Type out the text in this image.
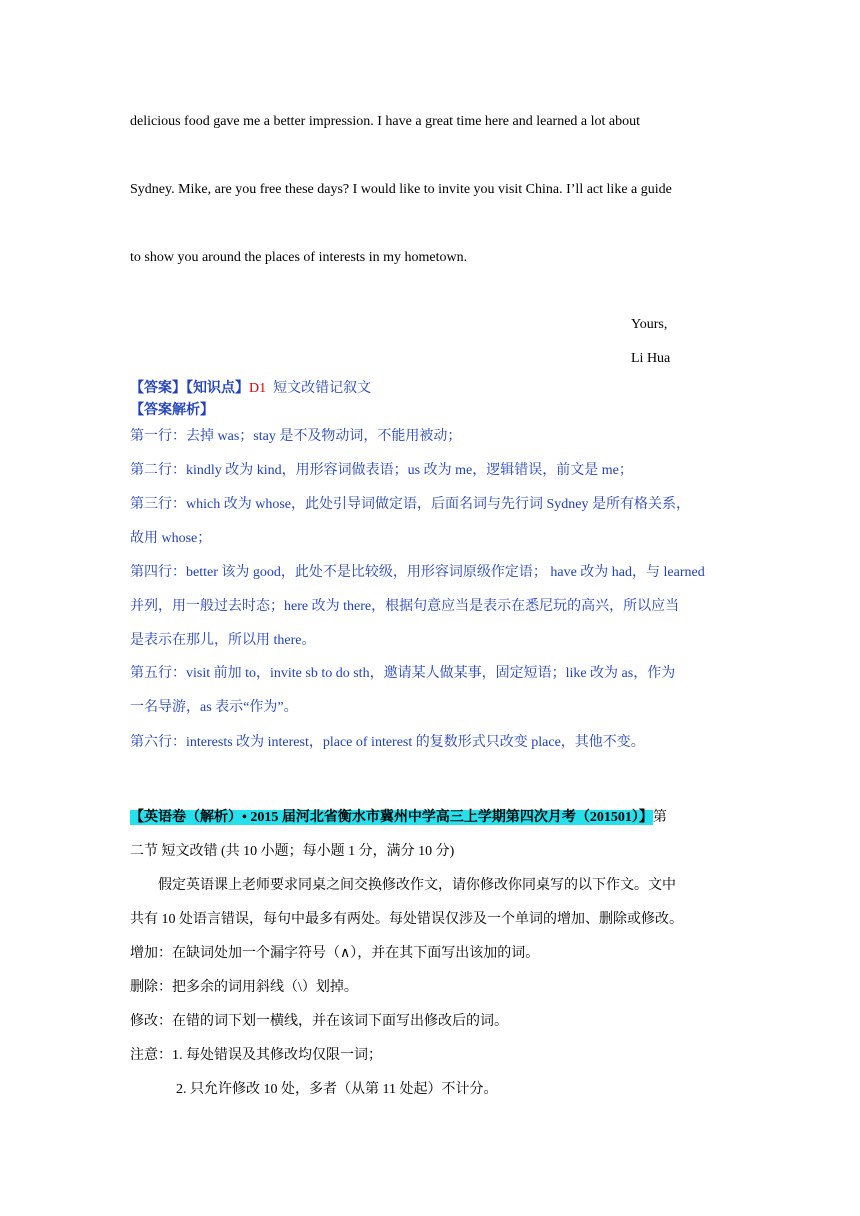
delicious food gave me a better impression. I have a great time here and learned a lot about
Sydney. Mike, are you free these days? I would like to invite you visit China. I’ll act like a guide
to show you around the places of interests in my hometown.
Yours,
Li Hua
【答案】【知识点】D1 短文改错记叙文
【答案解析】
第一行：去掉 was；stay 是不及物动词，不能用被动；
第二行：kindly 改为 kind，用形容词做表语；us 改为 me，逻辑错误，前文是 me；
第三行：which 改为 whose，此处引导词做定语，后面名词与先行词 Sydney 是所有格关系，
故用 whose；
第四行：better 该为 good，此处不是比较级，用形容词原级作定语； have 改为 had，与 learned
并列，用一般过去时态；here 改为 there，根据句意应当是表示在悉尼玩的高兴，所以应当
是表示在那儿，所以用 there。
第五行：visit 前加 to，invite sb to do sth，邀请某人做某事，固定短语；like 改为 as，作为
一名导游，as 表示“作为”。
第六行：interests 改为 interest，place of interest 的复数形式只改变 place，其他不变。
【英语卷（解析）• 2015 届河北省衡水市冀州中学高三上学期第四次月考（201501）】第
二节 短文改错 (共 10 小题；每小题 1 分，满分 10 分)
假定英语课上老师要求同桌之间交换修改作文，请你修改你同桌写的以下作文。文中
共有 10 处语言错误，每句中最多有两处。每处错误仅涉及一个单词的增加、删除或修改。
增加：在缺词处加一个漏字符号（∧），并在其下面写出该加的词。
删除：把多余的词用斜线（\）划掉。
修改：在错的词下划一横线，并在该词下面写出修改后的词。
注意：1. 每处错误及其修改均仅限一词；
2. 只允许修改 10 处，多者（从第 11 处起）不计分。
